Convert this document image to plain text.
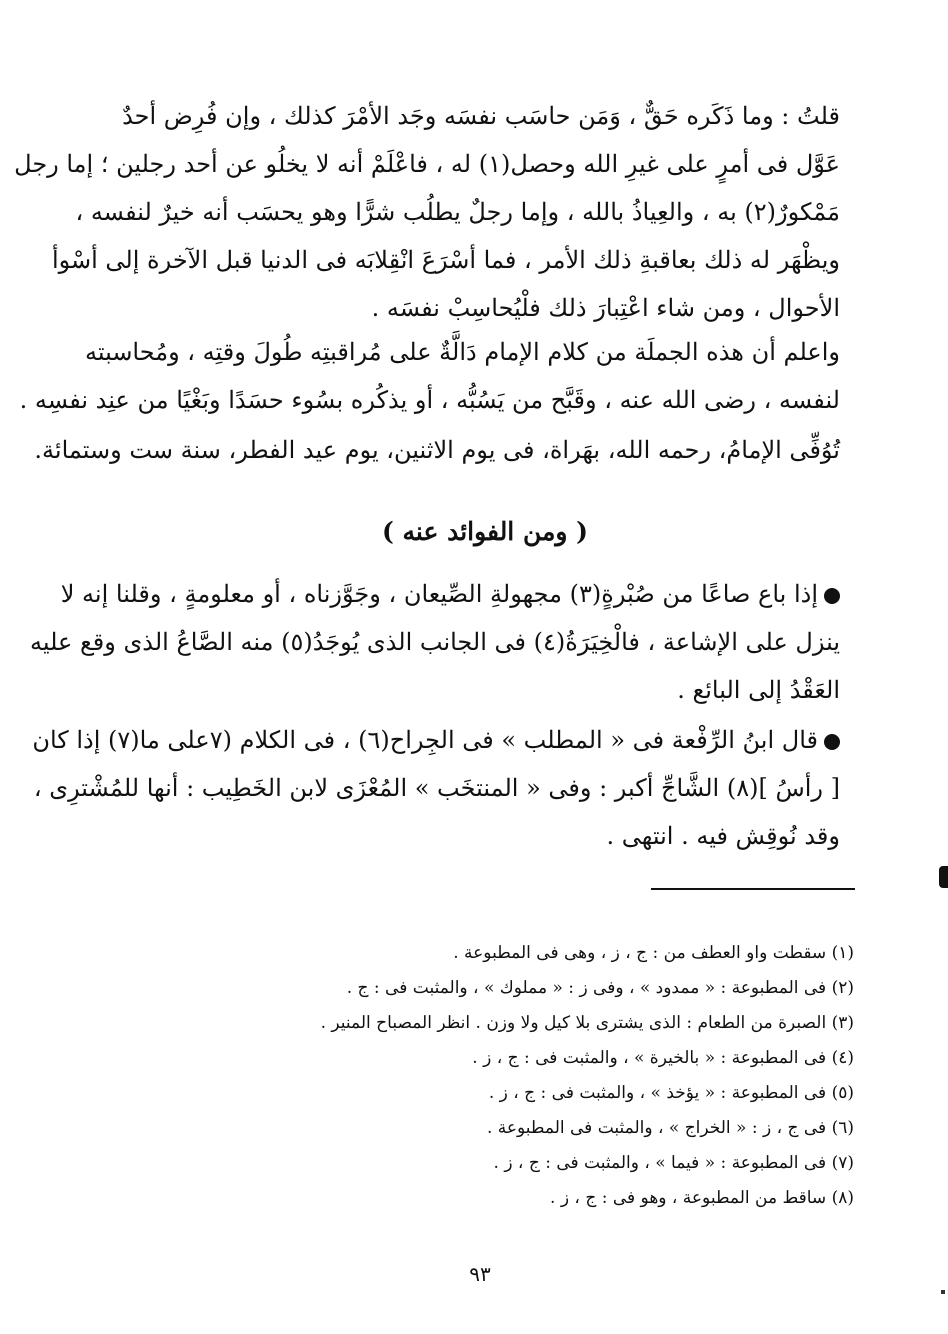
قلتُ : وما ذَكَره حَقٌّ ، وَمَن حاسَب نفسَه وجَد الأمْرَ كذلك ، وإن فُرِض أحدٌ
عَوَّل فى أمرٍ على غيرِ الله وحصل(١) له ، فاعْلَمْ أنه لا يخلُو عن أحد رجلين ؛ إما رجل
مَمْكورٌ(٢) به ، والعِياذُ بالله ، وإما رجلٌ يطلُب شرًّا وهو يحسَب أنه خيرٌ لنفسه ،
ويظْهَر له ذلك بعاقبةِ ذلك الأمر ، فما أسْرَعَ انْقِلابَه فى الدنيا قبل الآخرة إلى أسْوأ
الأحوال ، ومن شاء اعْتِبارَ ذلك فلْيُحاسِبْ نفسَه .
واعلم أن هذه الجملَة من كلام الإمام دَالَّةٌ على مُراقبتِه طُولَ وقتِه ، ومُحاسبته
لنفسه ، رضى الله عنه ، وقَبَّح من يَسُبُّه ، أو يذكُره بسُوء حسَدًا وبَغْيًا من عنِد نفسِه .
تُوُفِّى الإمامُ، رحمه الله، بهَراة، فى يوم الاثنين، يوم عيد الفطر، سنة ست وستمائة.
( ومن الفوائد عنه )
إذا باع صاعًا من صُبْرةٍ(٣) مجهولةِ الصِّيعان ، وجَوَّزناه ، أو معلومةٍ ، وقلنا إنه لا
ينزل على الإشاعة ، فالْخِيَرَةُ(٤) فى الجانب الذى يُوجَدُ(٥) منه الصَّاعُ الذى وقع عليه
العَقْدُ إلى البائع .
قال ابنُ الرِّفْعة فى « المطلب » فى الجِراح(٦) ، فى الكلام (٧على ما(٧) إذا كان
[ رأسُ ](٨) الشَّاجِّ أكبر : وفى « المنتخَب » المُعْزَى لابن الخَطِيب : أنها للمُشْترِى ،
وقد نُوقِش فيه . انتهى .
(١) سقطت واو العطف من : ج ، ز ، وهى فى المطبوعة .
(٢) فى المطبوعة : « ممدود » ، وفى ز : « مملوك » ، والمثبت فى : ج .
(٣) الصبرة من الطعام : الذى يشترى بلا كيل ولا وزن . انظر المصباح المنير .
(٤) فى المطبوعة : « بالخيرة » ، والمثبت فى : ج ، ز .
(٥) فى المطبوعة : « يؤخذ » ، والمثبت فى : ج ، ز .
(٦) فى ج ، ز : « الخراج » ، والمثبت فى المطبوعة .
(٧) فى المطبوعة : « فيما » ، والمثبت فى : ج ، ز .
(٨) ساقط من المطبوعة ، وهو فى : ج ، ز .
٩٣
